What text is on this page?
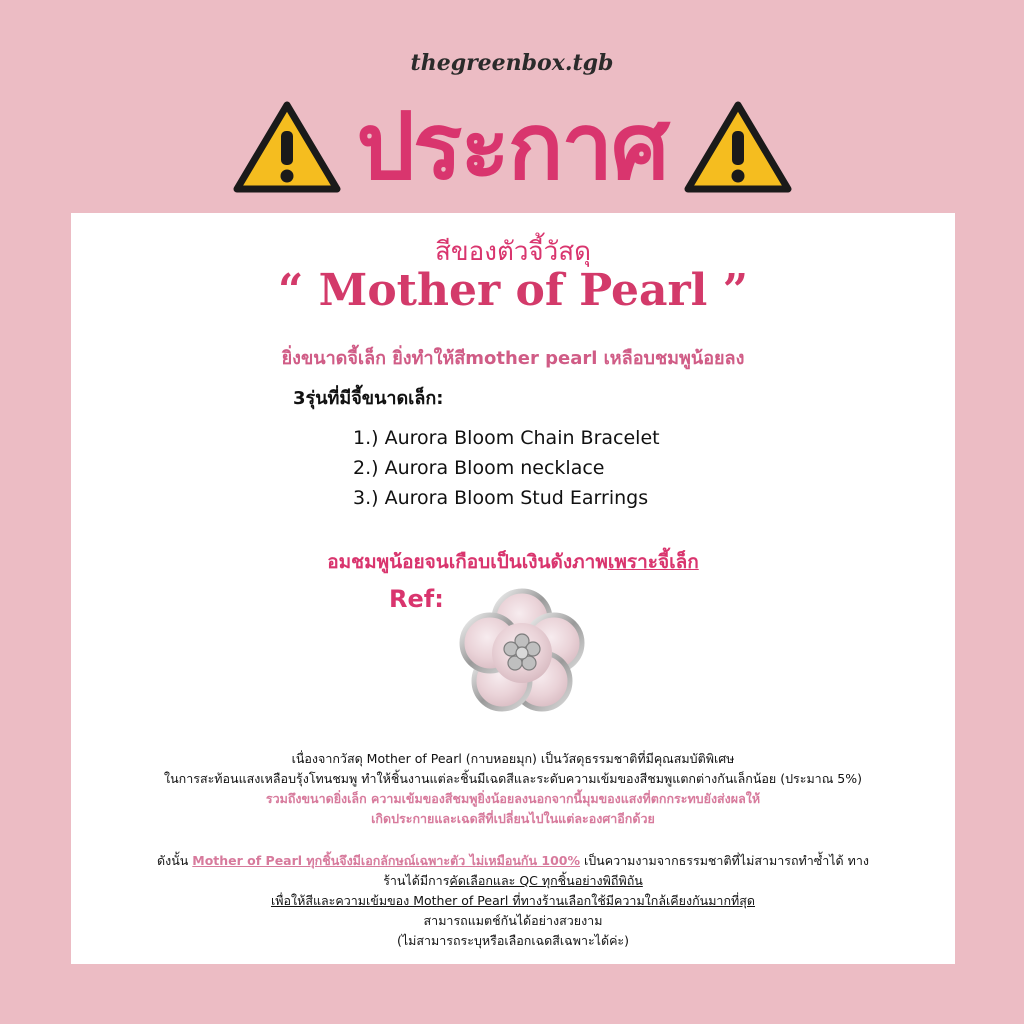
thegreenbox.tgb
ประกาศ
สีของตัวจี้วัสดุ
“ Mother of Pearl ”
ยิ่งขนาดจี้เล็ก ยิ่งทำให้สีmother pearl เหลือบชมพูน้อยลง
3รุ่นที่มีจี้ขนาดเล็ก:
1.) Aurora Bloom Chain Bracelet
2.) Aurora Bloom necklace
3.) Aurora Bloom Stud Earrings
อมชมพูน้อยจนเกือบเป็นเงินดังภาพเพราะจี้เล็ก
Ref:
เนื่องจากวัสดุ Mother of Pearl (กาบหอยมุก) เป็นวัสดุธรรมชาติที่มีคุณสมบัติพิเศษ
ในการสะท้อนแสงเหลือบรุ้งโทนชมพู ทำให้ชิ้นงานแต่ละชิ้นมีเฉดสีและระดับความเข้มของสีชมพูแตกต่างกันเล็กน้อย (ประมาณ 5%)
รวมถึงขนาดยิ่งเล็ก ความเข้มของสีชมพูยิ่งน้อยลงนอกจากนี้มุมของแสงที่ตกกระทบยังส่งผลให้
เกิดประกายและเฉดสีที่เปลี่ยนไปในแต่ละองศาอีกด้วย
ดังนั้น Mother of Pearl ทุกชิ้นจึงมีเอกลักษณ์เฉพาะตัว ไม่เหมือนกัน 100% เป็นความงามจากธรรมชาติที่ไม่สามารถทำซ้ำได้ ทาง
ร้านได้มีการคัดเลือกและ QC ทุกชิ้นอย่างพิถีพิถัน
เพื่อให้สีและความเข้มของ Mother of Pearl ที่ทางร้านเลือกใช้มีความใกล้เคียงกันมากที่สุด
สามารถแมตช์กันได้อย่างสวยงาม
(ไม่สามารถระบุหรือเลือกเฉดสีเฉพาะได้ค่ะ)
